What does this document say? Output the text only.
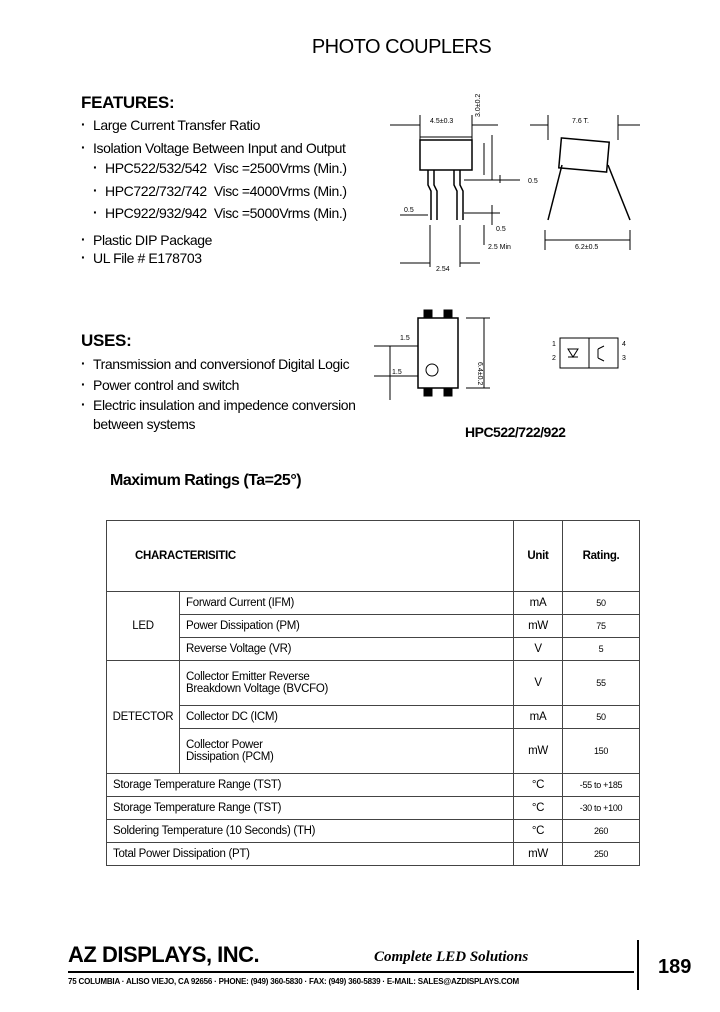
PHOTO COUPLERS
FEATURES:
· Large Current Transfer Ratio
· Isolation Voltage Between Input and Output
· HPC522/532/542 Visc =2500Vrms (Min.)
· HPC722/732/742 Visc =4000Vrms (Min.)
· HPC922/932/942 Visc =5000Vrms (Min.)
· Plastic DIP Package
· UL File # E178703
USES:
· Transmission and conversionof Digital Logic
· Power control and switch
· Electric insulation and impedence conversion
between systems
4.5±0.3
3.0±0.2
7.6 T.
0.5
0.5
0.5
2.5 Min
2.54
6.2±0.5
1.5
1.5	6.4±0.2
1
2	3
4
HPC522/722/922
Maximum Ratings (Ta=25°)
CHARACTERISITIC		Unit	Rating.
LED	Forward Current (IFM)	mA	50
	Power Dissipation (PM)	mW	75
	Reverse Voltage (VR)	V	5
DETECTOR	Collector Emitter Reverse
Breakdown Voltage (BVCFO)	V	55
	Collector DC (ICM)	mA	50

	Collector Power
Dissipation (PCM)	mW	150
Storage Temperature Range (TST)		°C	-55 to +185
Storage Temperature Range (TST)		°C	-30 to +100
Soldering Temperature (10 Seconds) (TH)		°C	260
Total Power Dissipation (PT)		mW	250
AZ DISPLAYS, INC.	Complete LED Solutions	189
75 COLUMBIA · ALISO VIEJO, CA 92656 · PHONE: (949) 360-5830 · FAX: (949) 360-5839 · E-MAIL: SALES@AZDISPLAYS.COM
